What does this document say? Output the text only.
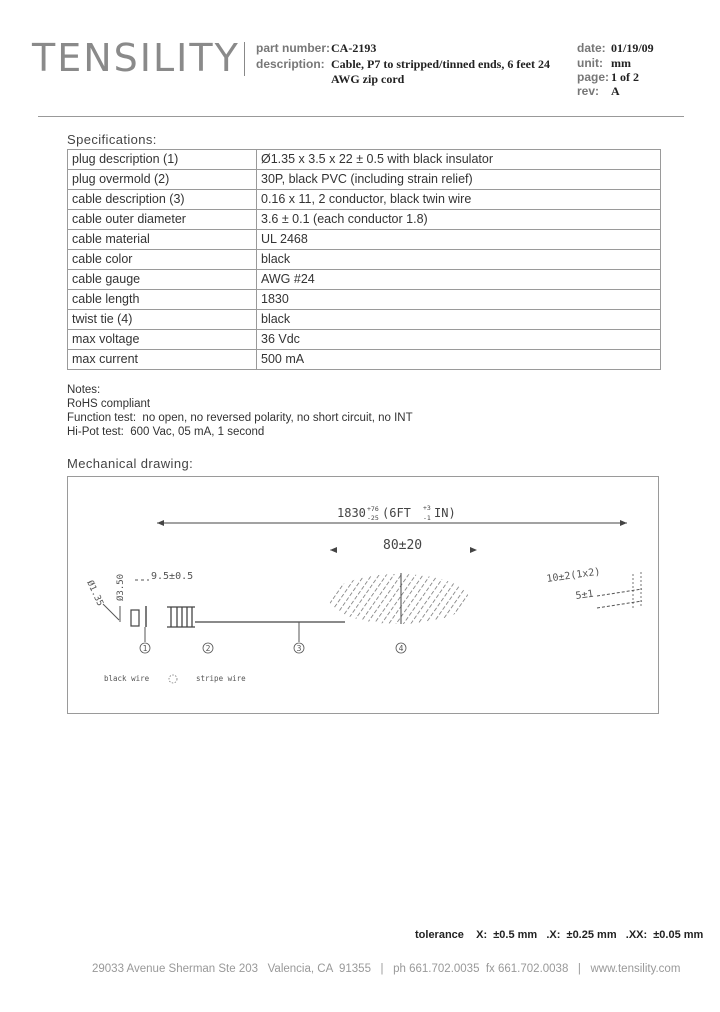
TENSILITY part number: CA-2193
description: Cable, P7 to stripped/tinned ends, 6 feet 24
AWG zip cord
date: 01/19/09
unit: mm
page: 1 of 2
rev: A
Specifications:
plug description (1)	Ø1.35 x 3.5 x 22 ± 0.5 with black insulator
plug overmold (2)	30P, black PVC (including strain relief)
cable description (3)	0.16 x 11, 2 conductor, black twin wire
cable outer diameter	3.6 ± 0.1 (each conductor 1.8)
cable material	UL 2468
cable color	black
cable gauge	AWG #24
cable length	1830
twist tie (4)	black
max voltage	36 Vdc
max current	500 mA
Notes:
RoHS compliant
Function test:  no open, no reversed polarity, no short circuit, no INT
Hi-Pot test:  600 Vac, 05 mA, 1 second
Mechanical drawing:
1830 +76
-25 (6FT +3
-1 IN)
80±20
9.5±0.5
Ø1.35 Ø3.50	10±2(1x2)
5±1
1	2	3	4
black wire	stripe wire
tolerance    X:  ±0.5 mm   .X:  ±0.25 mm   .XX:  ±0.05 mm
29033 Avenue Sherman Ste 203   Valencia, CA  91355   |   ph 661.702.0035  fx 661.702.0038   |   www.tensility.com
